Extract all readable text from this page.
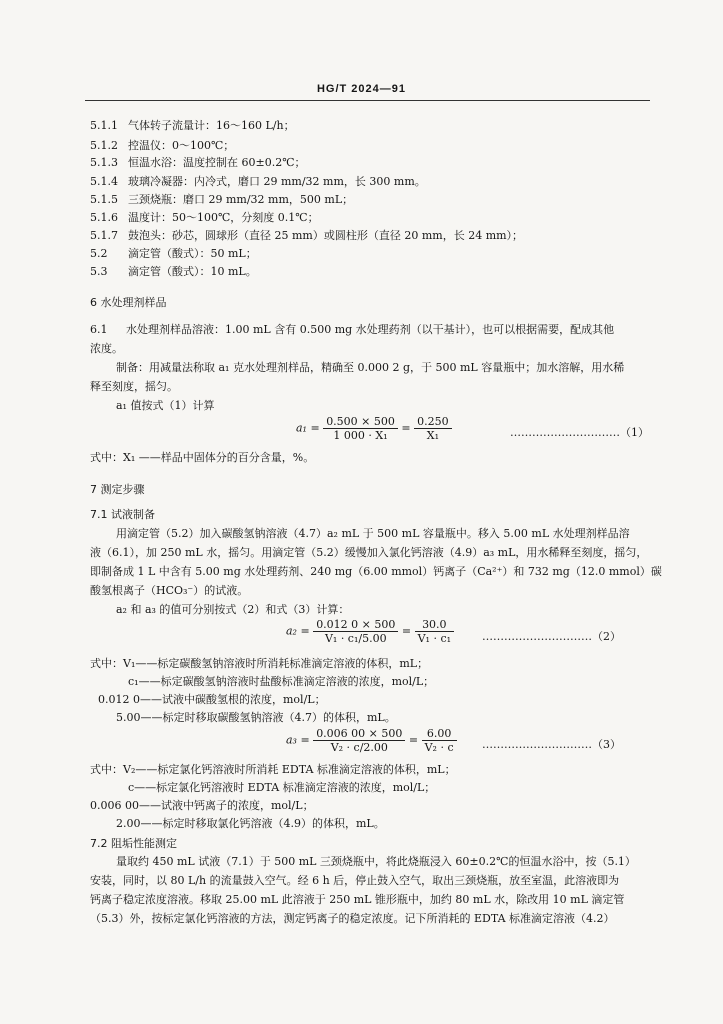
HG/T 2024—91
5.1.1 气体转子流量计：16～160 L/h；
5.1.2 控温仪：0～100℃；
5.1.3 恒温水浴：温度控制在 60±0.2℃；
5.1.4 玻璃冷凝器：内冷式，磨口 29 mm/32 mm，长 300 mm。
5.1.5 三颈烧瓶：磨口 29 mm/32 mm，500 mL；
5.1.6 温度计：50～100℃，分刻度 0.1℃；
5.1.7 鼓泡头：砂芯，圆球形（直径 25 mm）或圆柱形（直径 20 mm，长 24 mm）；
5.2 滴定管（酸式）：50 mL；
5.3 滴定管（酸式）：10 mL。
6 水处理剂样品
6.1 水处理剂样品溶液：1.00 mL 含有 0.500 mg 水处理药剂（以干基计），也可以根据需要，配成其他
浓度。
制备：用减量法称取 a₁ 克水处理剂样品，精确至 0.000 2 g，于 500 mL 容量瓶中；加水溶解，用水稀
释至刻度，摇匀。
a₁ 值按式（1）计算
$a_1 = \frac{0.500 \times 500}{\text{1 000 · X₁}} = \frac{0.250}{\text{X₁}}$	…………………………（1）
式中：X₁ ——样品中固体分的百分含量，%。
7 测定步骤
7.1 试液制备
用滴定管（5.2）加入碳酸氢钠溶液（4.7）a₂ mL 于 500 mL 容量瓶中。移入 5.00 mL 水处理剂样品溶
液（6.1），加 250 mL 水，摇匀。用滴定管（5.2）缓慢加入氯化钙溶液（4.9）a₃ mL，用水稀释至刻度，摇匀，
即制备成 1 L 中含有 5.00 mg 水处理药剂、240 mg（6.00 mmol）钙离子（Ca²⁺）和 732 mg（12.0 mmol）碳
酸氢根离子（HCO₃⁻）的试液。
a₂ 和 a₃ 的值可分别按式（2）和式（3）计算：
$a_2 = \frac{0.012 0 \times 500}{\text{V₁ · c₁/5.00}} = \frac{30.0}{\text{V₁ · c₁}}$	…………………………（2）
式中：V₁——标定碳酸氢钠溶液时所消耗标准滴定溶液的体积，mL；
c₁——标定碳酸氢钠溶液时盐酸标准滴定溶液的浓度，mol/L；
0.012 0——试液中碳酸氢根的浓度，mol/L；
5.00——标定时移取碳酸氢钠溶液（4.7）的体积，mL。
$a_3 = \frac{0.006 00 \times 500}{\text{V₂ · c/2.00}} = \frac{6.00}{\text{V₂ · c}}$ …………………………（3）
式中：V₂——标定氯化钙溶液时所消耗 EDTA 标准滴定溶液的体积，mL；
c——标定氯化钙溶液时 EDTA 标准滴定溶液的浓度，mol/L；
0.006 00——试液中钙离子的浓度，mol/L；
2.00——标定时移取氯化钙溶液（4.9）的体积，mL。
7.2 阻垢性能测定
量取约 450 mL 试液（7.1）于 500 mL 三颈烧瓶中，将此烧瓶浸入 60±0.2℃的恒温水浴中，按（5.1）
安装，同时，以 80 L/h 的流量鼓入空气。经 6 h 后，停止鼓入空气，取出三颈烧瓶，放至室温，此溶液即为
钙离子稳定浓度溶液。移取 25.00 mL 此溶液于 250 mL 锥形瓶中，加约 80 mL 水，除改用 10 mL 滴定管
（5.3）外，按标定氯化钙溶液的方法，测定钙离子的稳定浓度。记下所消耗的 EDTA 标准滴定溶液（4.2）
